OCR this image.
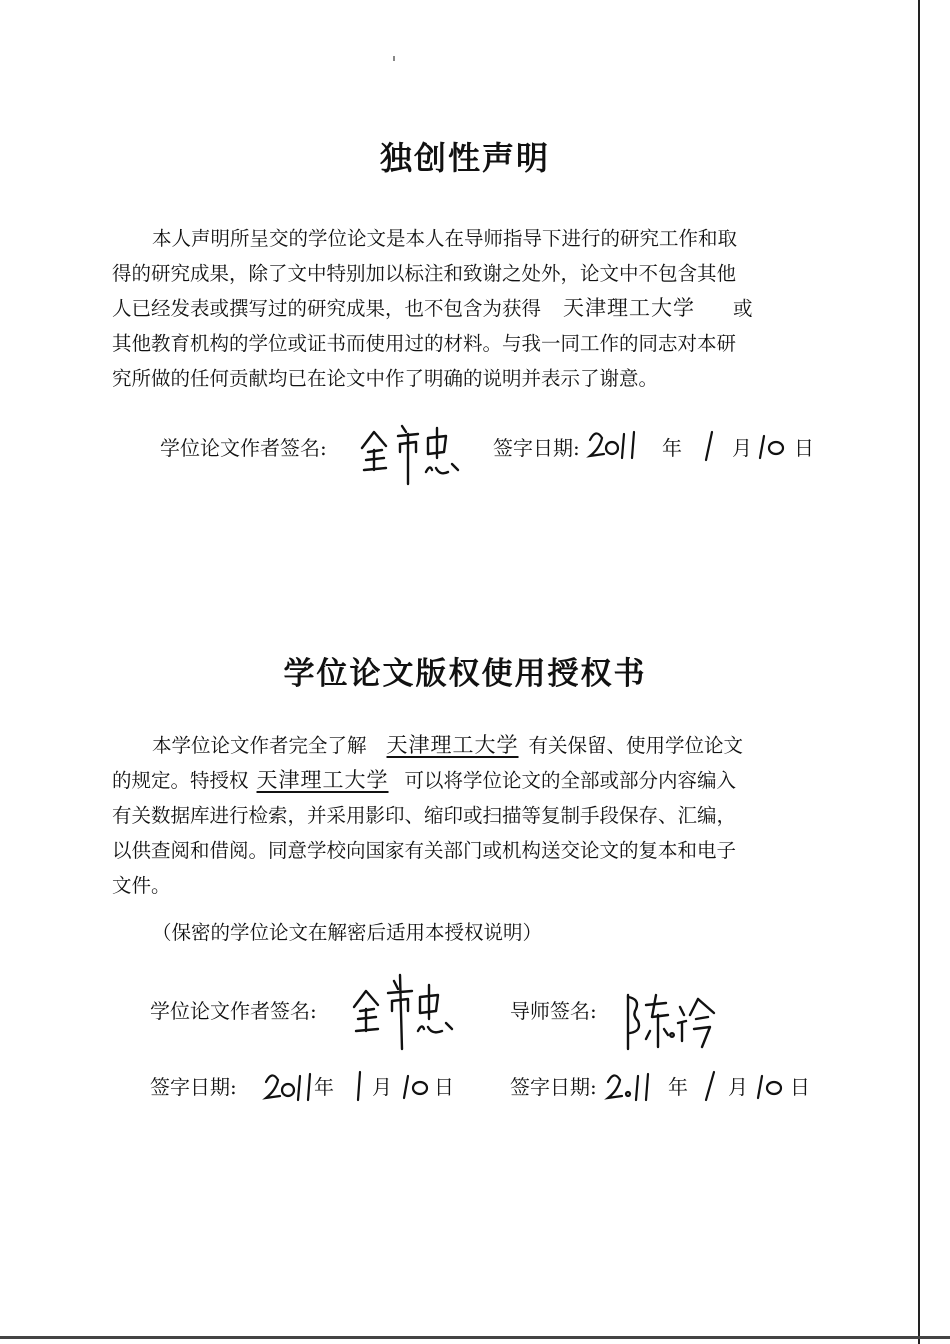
独创性声明
本人声明所呈交的学位论文是本人在导师指导下进行的研究工作和取
得的研究成果，除了文中特别加以标注和致谢之处外，论文中不包含其他
人已经发表或撰写过的研究成果，也不包含为获得 天津理工大学 或
其他教育机构的学位或证书而使用过的材料。与我一同工作的同志对本研
究所做的任何贡献均已在论文中作了明确的说明并表示了谢意。
学位论文作者签名:	签字日期:	年	月 日
学位论文版权使用授权书
本学位论文作者完全了解 天津理工大学 有关保留、使用学位论文
的规定。特授权 天津理工大学 可以将学位论文的全部或部分内容编入
有关数据库进行检索，并采用影印、缩印或扫描等复制手段保存、汇编，
以供查阅和借阅。同意学校向国家有关部门或机构送交论文的复本和电子
文件。
（保密的学位论文在解密后适用本授权说明）
学位论文作者签名:	导师签名:
签字日期:	年 月 日	签字日期:	年 月 日
